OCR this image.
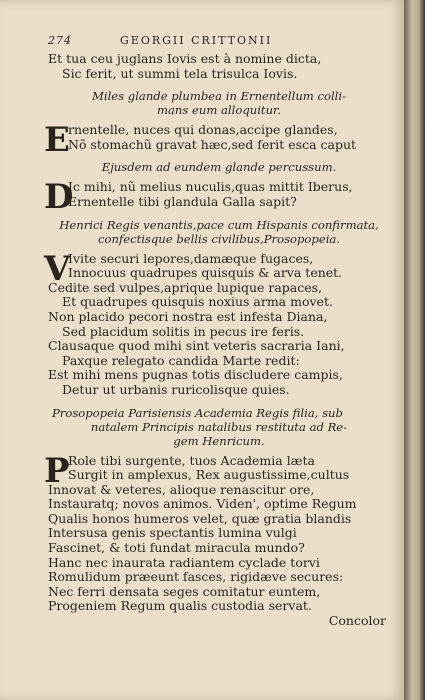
274	GEORGII CRITTONII
Et tua ceu juglans Iovis est à nomine dicta,
Sic ferit, ut summi tela trisulca Iovis.
Miles glande plumbea in Ernentellum colli-
mans eum alloquitur.
E
rnentelle, nuces qui donas,accipe glandes,
Nõ stomachũ gravat hæc,sed ferit esca caput
Ejusdem ad eundem glande percussum.
D
Ic mihi, nũ melius nuculis,quas mittit Iberus,
Ernentelle tibi glandula Galla sapit?
Henrici Regis venantis,pace cum Hispanis confirmata,
confectisque bellis civilibus,Prosopopeia.
V
Ivite securi lepores,damæque fugaces,
Innocuus quadrupes quisquis & arva tenet.
Cedite sed vulpes,aprique lupique rapaces,
Et quadrupes quisquis noxius arma movet.
Non placido pecori nostra est infesta Diana,
Sed placidum solitis in pecus ire feris.
Clausaque quod mihi sint veteris sacraria Iani,
Paxque relegato candida Marte redit:
Est mihi mens pugnas totis discludere campis,
Detur ut urbanis ruricolisque quies.
Prosopopeia Parisiensis Academia Regis filia, sub
natalem Principis natalibus restituta ad Re-
gem Henricum.
P
Role tibi surgente, tuos Academia læta
Surgit in amplexus, Rex augustissime,cultus
Innovat & veteres, alioque renascitur ore,
Instauratq; novos animos. Viden', optime Regum
Qualis honos humeros velet, quæ gratia blandis
Intersusa genis spectantis lumina vulgi
Fascinet, & toti fundat miracula mundo?
Hanc nec inaurata radiantem cyclade torvi
Romulidum præeunt fasces, rigidæve secures:
Nec ferri densata seges comitatur euntem,
Progeniem Regum qualis custodia servat.
Concolor
